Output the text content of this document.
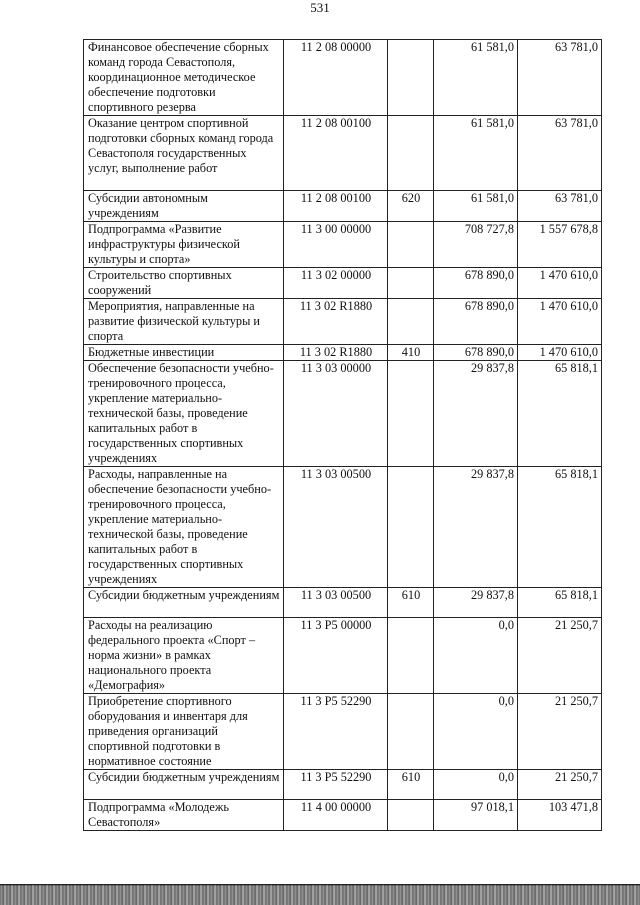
531
Финансовое обеспечение сборных команд города Севастополя, координационное методическое обеспечение подготовки спортивного резерва	11 2 08 00000		61 581,0	63 781,0
Оказание центром спортивной подготовки сборных команд города Севастополя государственных услуг, выполнение работ	11 2 08 00100		61 581,0	63 781,0
Субсидии автономным учреждениям	11 2 08 00100	620	61 581,0	63 781,0
Подпрограмма «Развитие инфраструктуры физической культуры и спорта»	11 3 00 00000		708 727,8	1 557 678,8
Строительство спортивных сооружений	11 3 02 00000		678 890,0	1 470 610,0
Мероприятия, направленные на развитие физической культуры и спорта	11 3 02 R1880		678 890,0	1 470 610,0
Бюджетные инвестиции	11 3 02 R1880	410	678 890,0	1 470 610,0
Обеспечение безопасности учебно-тренировочного процесса, укрепление материально-технической базы, проведение капитальных работ в государственных спортивных учреждениях	11 3 03 00000		29 837,8	65 818,1
Расходы, направленные на обеспечение безопасности учебно-тренировочного процесса, укрепление материально-технической базы, проведение капитальных работ в государственных спортивных учреждениях	11 3 03 00500		29 837,8	65 818,1
Субсидии бюджетным учреждениям	11 3 03 00500	610	29 837,8	65 818,1
Расходы на реализацию федерального проекта «Спорт – норма жизни» в рамках национального проекта «Демография»	11 3 P5 00000		0,0	21 250,7
Приобретение спортивного оборудования и инвентаря для приведения организаций спортивной подготовки в нормативное состояние	11 3 P5 52290		0,0	21 250,7
Субсидии бюджетным учреждениям	11 3 P5 52290	610	0,0	21 250,7
Подпрограмма «Молодежь Севастополя»	11 4 00 00000		97 018,1	103 471,8
